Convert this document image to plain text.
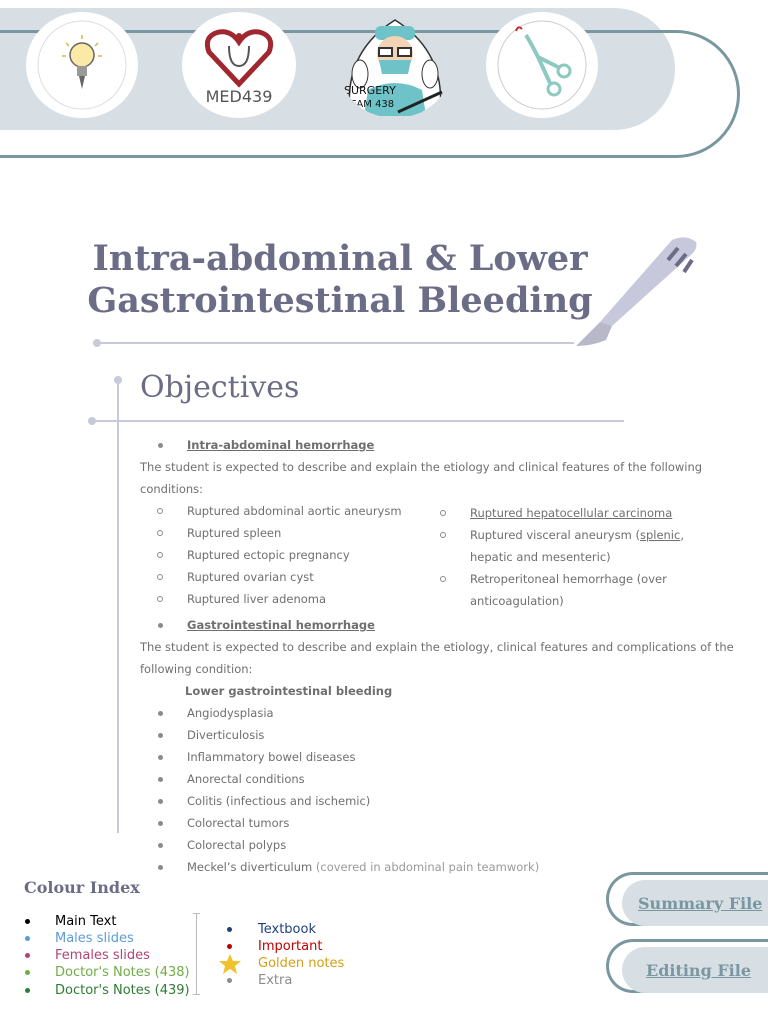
MED439	SURGERY
TEAM 438
Intra-abdominal & Lower
Gastrointestinal Bleeding
Objectives
Intra-abdominal hemorrhage
The student is expected to describe and explain the etiology and clinical features of the following
conditions:
Ruptured abdominal aortic aneurysm
Ruptured spleen
Ruptured ectopic pregnancy
Ruptured ovarian cyst
Ruptured liver adenoma
Ruptured hepatocellular carcinoma
Ruptured visceral aneurysm (splenic,
hepatic and mesenteric)
Retroperitoneal hemorrhage (over
anticoagulation)
Gastrointestinal hemorrhage
The student is expected to describe and explain the etiology, clinical features and complications of the
following condition:
Lower gastrointestinal bleeding
Angiodysplasia
Diverticulosis
Inflammatory bowel diseases
Anorectal conditions
Colitis (infectious and ischemic)
Colorectal tumors
Colorectal polyps
Meckel’s diverticulum (covered in abdominal pain teamwork)
Colour Index
Main Text
Males slides
Females slides
Doctor's Notes (438)
Doctor's Notes (439)
Textbook
Important
Golden notes
Extra
Summary File
Editing File
